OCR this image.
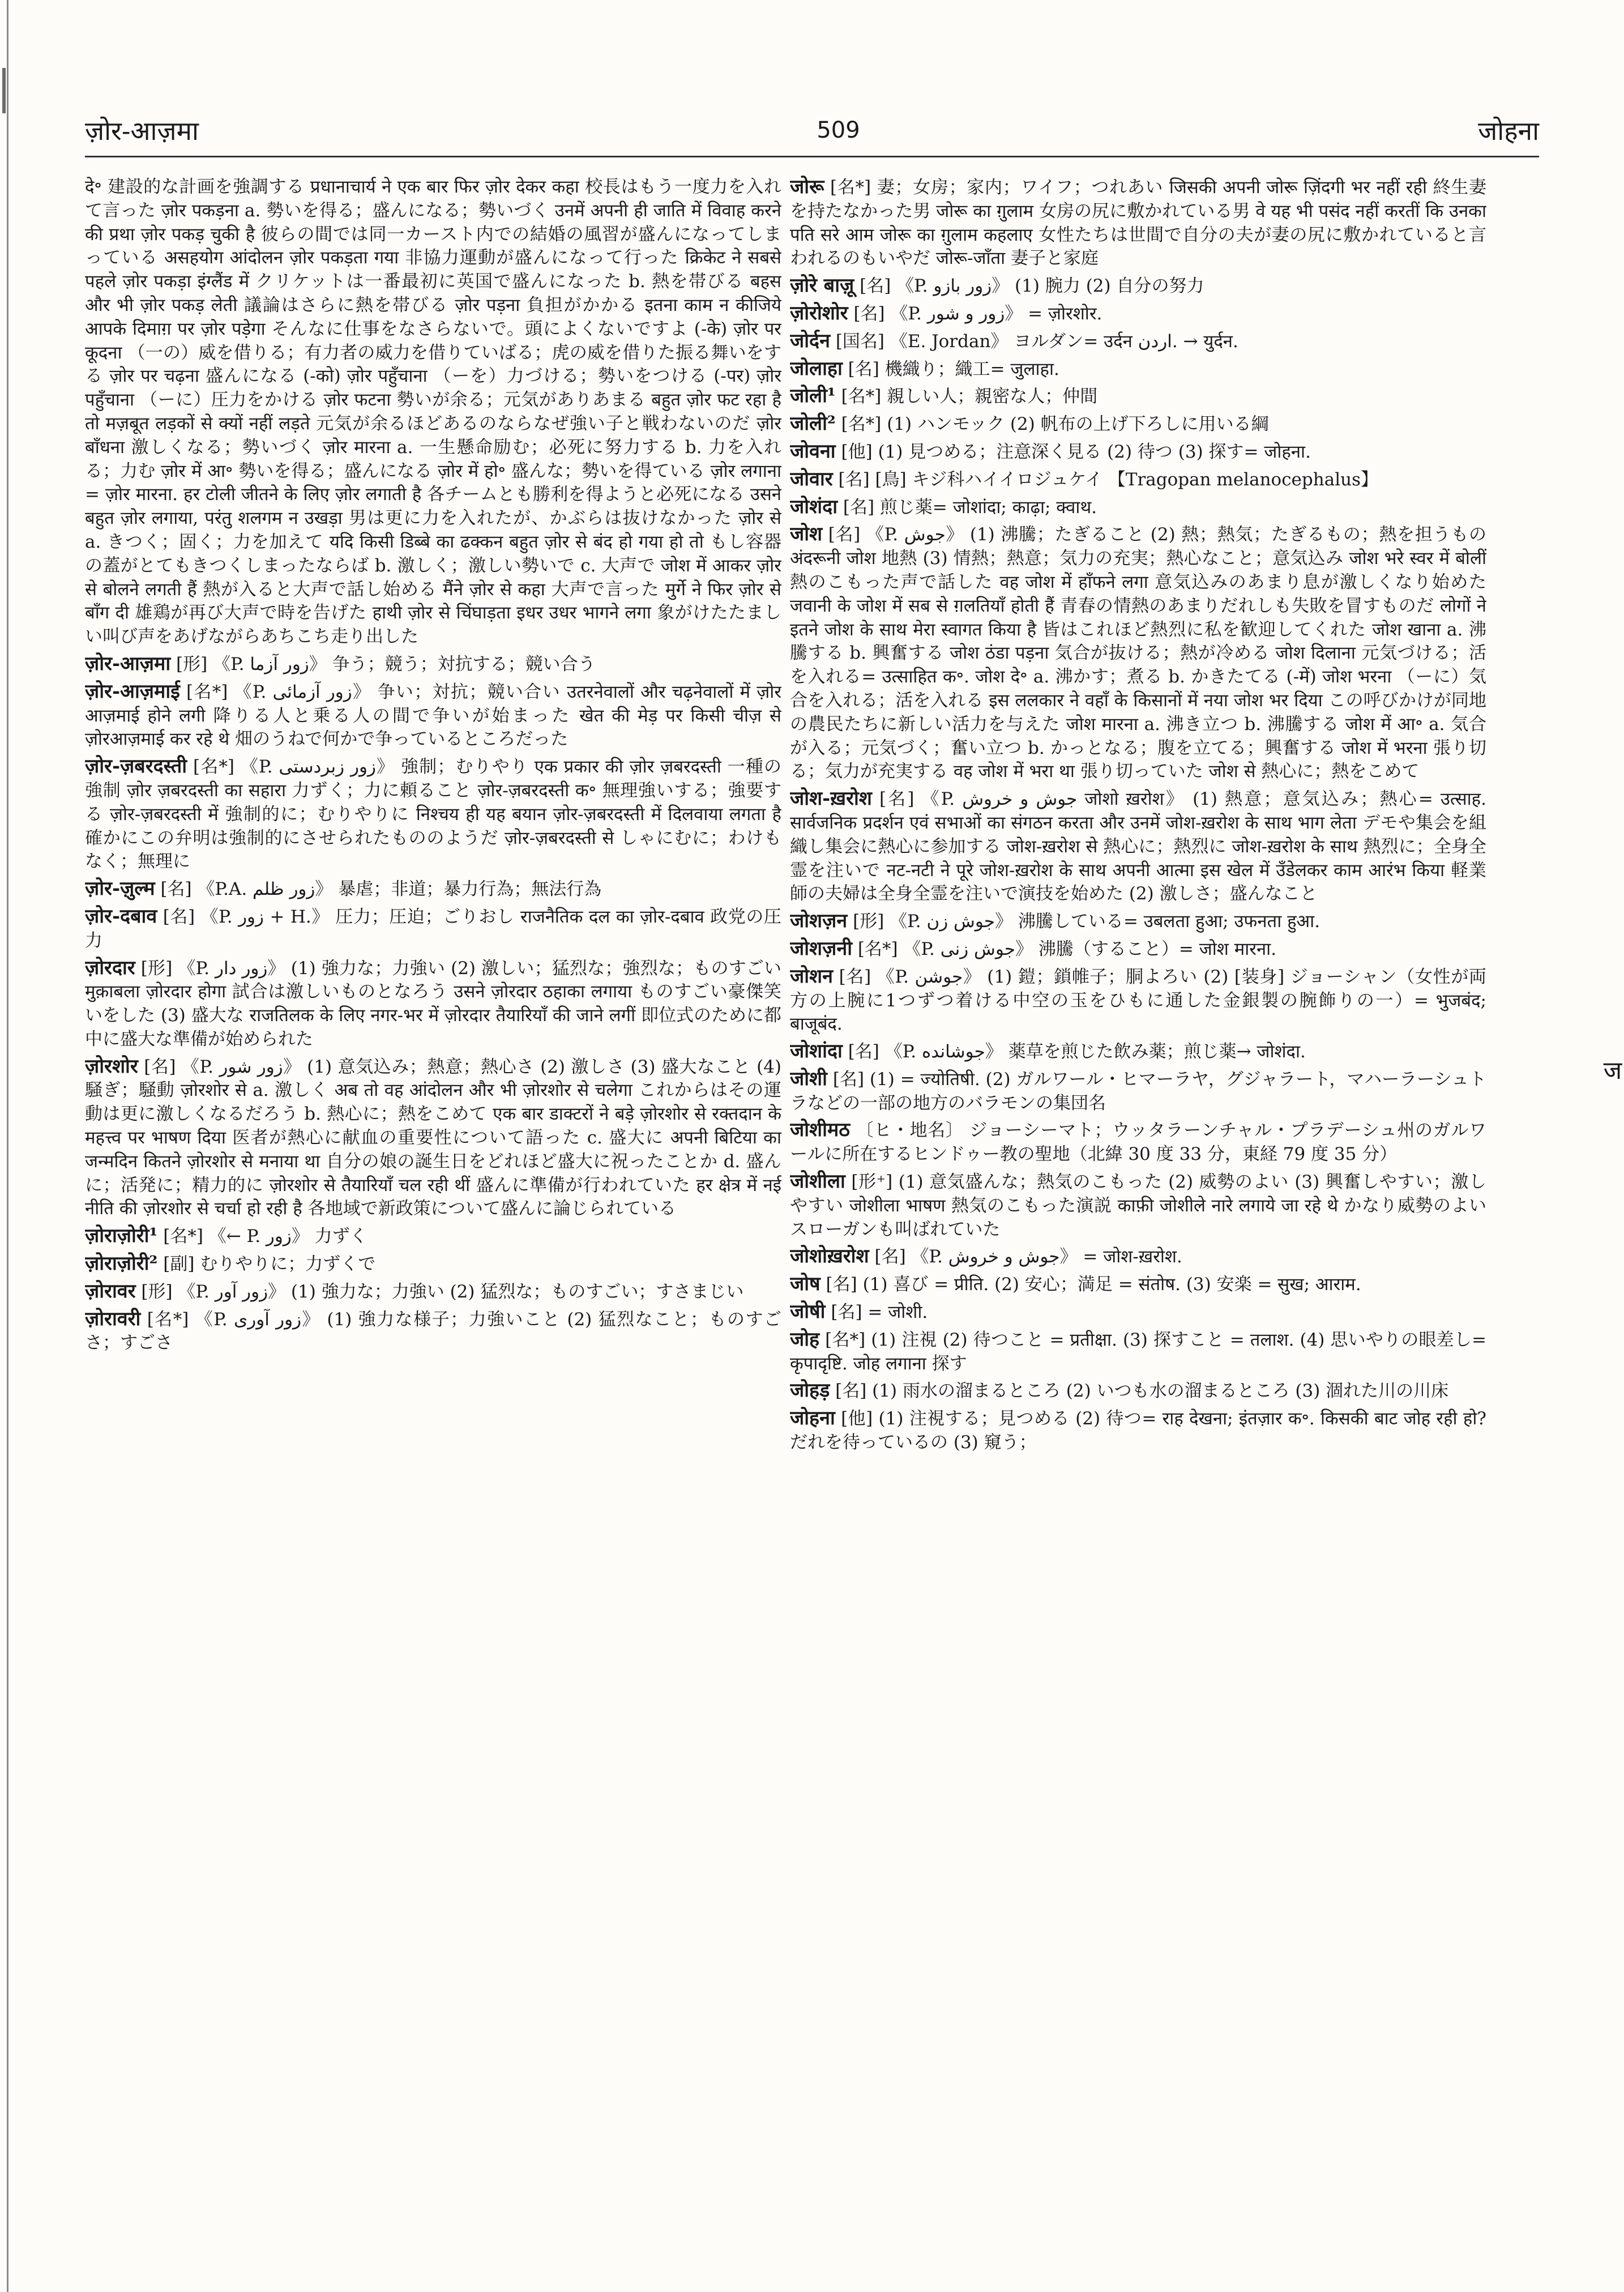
ज़ोर-आज़मा	509	जोहना
दे॰ 建設的な計画を強調する प्रधानाचार्य ने एक बार फिर ज़ोर देकर कहा 校長はもう一度力を入れて言った ज़ोर पकड़ना a. 勢いを得る；盛んになる；勢いづく उनमें अपनी ही जाति में विवाह करने की प्रथा ज़ोर पकड़ चुकी है 彼らの間では同一カースト内での結婚の風習が盛んになってしまっている असहयोग आंदोलन ज़ोर पकड़ता गया 非協力運動が盛んになって行った क्रिकेट ने सबसे पहले ज़ोर पकड़ा इंग्लैंड में クリケットは一番最初に英国で盛んになった b. 熱を帯びる बहस और भी ज़ोर पकड़ लेती 議論はさらに熱を帯びる ज़ोर पड़ना 負担がかかる इतना काम न कीजिये आपके दिमाग़ पर ज़ोर पड़ेगा そんなに仕事をなさらないで。頭によくないですよ (-के) ज़ोर पर कूदना （一の）威を借りる；有力者の威力を借りていばる；虎の威を借りた振る舞いをする ज़ोर पर चढ़ना 盛んになる (-को) ज़ोर पहुँचाना （ーを）力づける；勢いをつける (-पर) ज़ोर पहुँचाना （ーに）圧力をかける ज़ोर फटना 勢いが余る；元気がありあまる बहुत ज़ोर फट रहा है तो मज़बूत लड़कों से क्यों नहीं लड़ते 元気が余るほどあるのならなぜ強い子と戦わないのだ ज़ोर बाँधना 激しくなる；勢いづく ज़ोर मारना a. 一生懸命励む；必死に努力する b. 力を入れる；力む ज़ोर में आ॰ 勢いを得る；盛んになる ज़ोर में हो॰ 盛んな；勢いを得ている ज़ोर लगाना = ज़ोर मारना. हर टोली जीतने के लिए ज़ोर लगाती है 各チームとも勝利を得ようと必死になる उसने बहुत ज़ोर लगाया, परंतु शलगम न उखड़ा 男は更に力を入れたが、かぶらは抜けなかった ज़ोर से a. きつく；固く；力を加えて यदि किसी डिब्बे का ढक्कन बहुत ज़ोर से बंद हो गया हो तो もし容器の蓋がとてもきつくしまったならば b. 激しく；激しい勢いで c. 大声で जोश में आकर ज़ोर से बोलने लगती हैं 熱が入ると大声で話し始める मैंने ज़ोर से कहा 大声で言った मुर्गे ने फिर ज़ोर से बाँग दी 雄鶏が再び大声で時を告げた हाथी ज़ोर से चिंघाड़ता इधर उधर भागने लगा 象がけたたましい叫び声をあげながらあちこち走り出した
ज़ोर-आज़मा [形] 《P. زور آزما》 争う；競う；対抗する；競い合う
ज़ोर-आज़माई [名*] 《P. زور آزمائی》 争い；対抗；競い合い उतरनेवालों और चढ़नेवालों में ज़ोर आज़माई होने लगी 降りる人と乗る人の間で争いが始まった खेत की मेड़ पर किसी चीज़ से ज़ोरआज़माई कर रहे थे 畑のうねで何かで争っているところだった
ज़ोर-ज़बरदस्ती [名*] 《P. زور زبردستی》 強制；むりやり एक प्रकार की ज़ोर ज़बरदस्ती 一種の強制 ज़ोर ज़बरदस्ती का सहारा 力ずく；力に頼ること ज़ोर-ज़बरदस्ती क॰ 無理強いする；強要する ज़ोर-ज़बरदस्ती में 強制的に；むりやりに निश्चय ही यह बयान ज़ोर-ज़बरदस्ती में दिलवाया लगता है 確かにこの弁明は強制的にさせられたもののようだ ज़ोर-ज़बरदस्ती से しゃにむに；わけもなく；無理に
ज़ोर-ज़ुल्म [名] 《P.A. زور ظلم》 暴虐；非道；暴力行為；無法行為
ज़ोर-दबाव [名] 《P. زور + H.》 圧力；圧迫；ごりおし राजनैतिक दल का ज़ोर-दबाव 政党の圧力
ज़ोरदार [形] 《P. زور دار》 (1) 強力な；力強い (2) 激しい；猛烈な；強烈な；ものすごい मुक़ाबला ज़ोरदार होगा 試合は激しいものとなろう उसने ज़ोरदार ठहाका लगाया ものすごい豪傑笑いをした (3) 盛大な राजतिलक के लिए नगर-भर में ज़ोरदार तैयारियाँ की जाने लगीं 即位式のために都中に盛大な準備が始められた
ज़ोरशोर [名] 《P. زور شور》 (1) 意気込み；熱意；熱心さ (2) 激しさ (3) 盛大なこと (4) 騒ぎ；騒動 ज़ोरशोर से a. 激しく अब तो वह आंदोलन और भी ज़ोरशोर से चलेगा これからはその運動は更に激しくなるだろう b. 熱心に；熱をこめて एक बार डाक्टरों ने बड़े ज़ोरशोर से रक्तदान के महत्त्व पर भाषण दिया 医者が熱心に献血の重要性について語った c. 盛大に अपनी बिटिया का जन्मदिन कितने ज़ोरशोर से मनाया था 自分の娘の誕生日をどれほど盛大に祝ったことか d. 盛んに；活発に；精力的に ज़ोरशोर से तैयारियाँ चल रही थीं 盛んに準備が行われていた हर क्षेत्र में नई नीति की ज़ोरशोर से चर्चा हो रही है 各地域で新政策について盛んに論じられている
ज़ोराज़ोरी¹ [名*] 《← P. زور》 力ずく
ज़ोराज़ोरी² [副] むりやりに；力ずくで
ज़ोरावर [形] 《P. زور آور》 (1) 強力な；力強い (2) 猛烈な；ものすごい；すさまじい
ज़ोरावरी [名*] 《P. زور آوری》 (1) 強力な様子；力強いこと (2) 猛烈なこと；ものすごさ；すごさ
जोरू [名*] 妻；女房；家内；ワイフ；つれあい जिसकी अपनी जोरू ज़िंदगी भर नहीं रही 終生妻を持たなかった男 जोरू का ग़ुलाम 女房の尻に敷かれている男 वे यह भी पसंद नहीं करतीं कि उनका पति सरे आम जोरू का ग़ुलाम कहलाए 女性たちは世間で自分の夫が妻の尻に敷かれていると言われるのもいやだ जोरू-जाँता 妻子と家庭
ज़ोरे बाज़ू [名] 《P. زور بازو》 (1) 腕力 (2) 自分の努力
ज़ोरोशोर [名] 《P. زور و شور》 = ज़ोरशोर.
जोर्दन [国名] 《E. Jordan》 ヨルダン= उर्दन اردن. → युर्दन.
जोलाहा [名] 機織り；織工= जुलाहा.
जोली¹ [名*] 親しい人；親密な人；仲間
जोली² [名*] (1) ハンモック (2) 帆布の上げ下ろしに用いる綱
जोवना [他] (1) 見つめる；注意深く見る (2) 待つ (3) 探す= जोहना.
जोवार [名] [鳥] キジ科ハイイロジュケイ 【Tragopan melanocephalus】
जोशंदा [名] 煎じ薬= जोशांदा; काढ़ा; क्वाथ.
जोश [名] 《P. جوش》 (1) 沸騰；たぎること (2) 熱；熱気；たぎるもの；熱を担うもの अंदरूनी जोश 地熱 (3) 情熱；熱意；気力の充実；熱心なこと；意気込み जोश भरे स्वर में बोलीं 熱のこもった声で話した वह जोश में हाँफने लगा 意気込みのあまり息が激しくなり始めた जवानी के जोश में सब से ग़लतियाँ होती हैं 青春の情熱のあまりだれしも失敗を冒すものだ लोगों ने इतने जोश के साथ मेरा स्वागत किया है 皆はこれほど熱烈に私を歓迎してくれた जोश खाना a. 沸騰する b. 興奮する जोश ठंडा पड़ना 気合が抜ける；熱が冷める जोश दिलाना 元気づける；活を入れる= उत्साहित क॰. जोश दे॰ a. 沸かす；煮る b. かきたてる (-में) जोश भरना （ーに）気合を入れる；活を入れる इस ललकार ने वहाँ के किसानों में नया जोश भर दिया この呼びかけが同地の農民たちに新しい活力を与えた जोश मारना a. 沸き立つ b. 沸騰する जोश में आ॰ a. 気合が入る；元気づく；奮い立つ b. かっとなる；腹を立てる；興奮する जोश में भरना 張り切る；気力が充実する वह जोश में भरा था 張り切っていた जोश से 熱心に；熱をこめて
जोश-ख़रोश [名] 《P. جوش و خروش जोशो ख़रोश》 (1) 熱意；意気込み；熱心= उत्साह. सार्वजनिक प्रदर्शन एवं सभाओं का संगठन करता और उनमें जोश-ख़रोश के साथ भाग लेता デモや集会を組織し集会に熱心に参加する जोश-ख़रोश से 熱心に；熱烈に जोश-ख़रोश के साथ 熱烈に；全身全霊を注いで नट-नटी ने पूरे जोश-ख़रोश के साथ अपनी आत्मा इस खेल में उँडेलकर काम आरंभ किया 軽業師の夫婦は全身全霊を注いで演技を始めた (2) 激しさ；盛んなこと
जोशज़न [形] 《P. جوش زن》 沸騰している= उबलता हुआ; उफनता हुआ.
जोशज़नी [名*] 《P. جوش زنی》 沸騰（すること）= जोश मारना.
जोशन [名] 《P. جوشن》 (1) 鎧；鎖帷子；胴よろい (2) [装身] ジョーシャン（女性が両方の上腕に1つずつ着ける中空の玉をひもに通した金銀製の腕飾りの一）= भुजबंद; बाजूबंद.
जोशांदा [名] 《P. جوشانده》 薬草を煎じた飲み薬；煎じ薬→ जोशंदा.
जोशी [名] (1) = ज्योतिषी. (2) ガルワール・ヒマーラヤ，グジャラート，マハーラーシュトラなどの一部の地方のバラモンの集団名
जोशीमठ 〔ヒ・地名〕 ジョーシーマト；ウッタラーンチャル・プラデーシュ州のガルワールに所在するヒンドゥー教の聖地（北緯 30 度 33 分，東経 79 度 35 分）
जोशीला [形⁺] (1) 意気盛んな；熱気のこもった (2) 威勢のよい (3) 興奮しやすい；激しやすい जोशीला भाषण 熱気のこもった演説 काफ़ी जोशीले नारे लगाये जा रहे थे かなり威勢のよいスローガンも叫ばれていた
जोशोख़रोश [名] 《P. جوش و خروش》 = जोश-ख़रोश.
जोष [名] (1) 喜び = प्रीति. (2) 安心；満足 = संतोष. (3) 安楽 = सुख; आराम.
जोषी [名] = जोशी.
जोह [名*] (1) 注視 (2) 待つこと = प्रतीक्षा. (3) 探すこと = तलाश. (4) 思いやりの眼差し= कृपादृष्टि. जोह लगाना 探す
जोहड़ [名] (1) 雨水の溜まるところ (2) いつも水の溜まるところ (3) 涸れた川の川床
जोहना [他] (1) 注視する；見つめる (2) 待つ= राह देखना; इंतज़ार क॰. किसकी बाट जोह रही हो? だれを待っているの (3) 窺う；
ज
